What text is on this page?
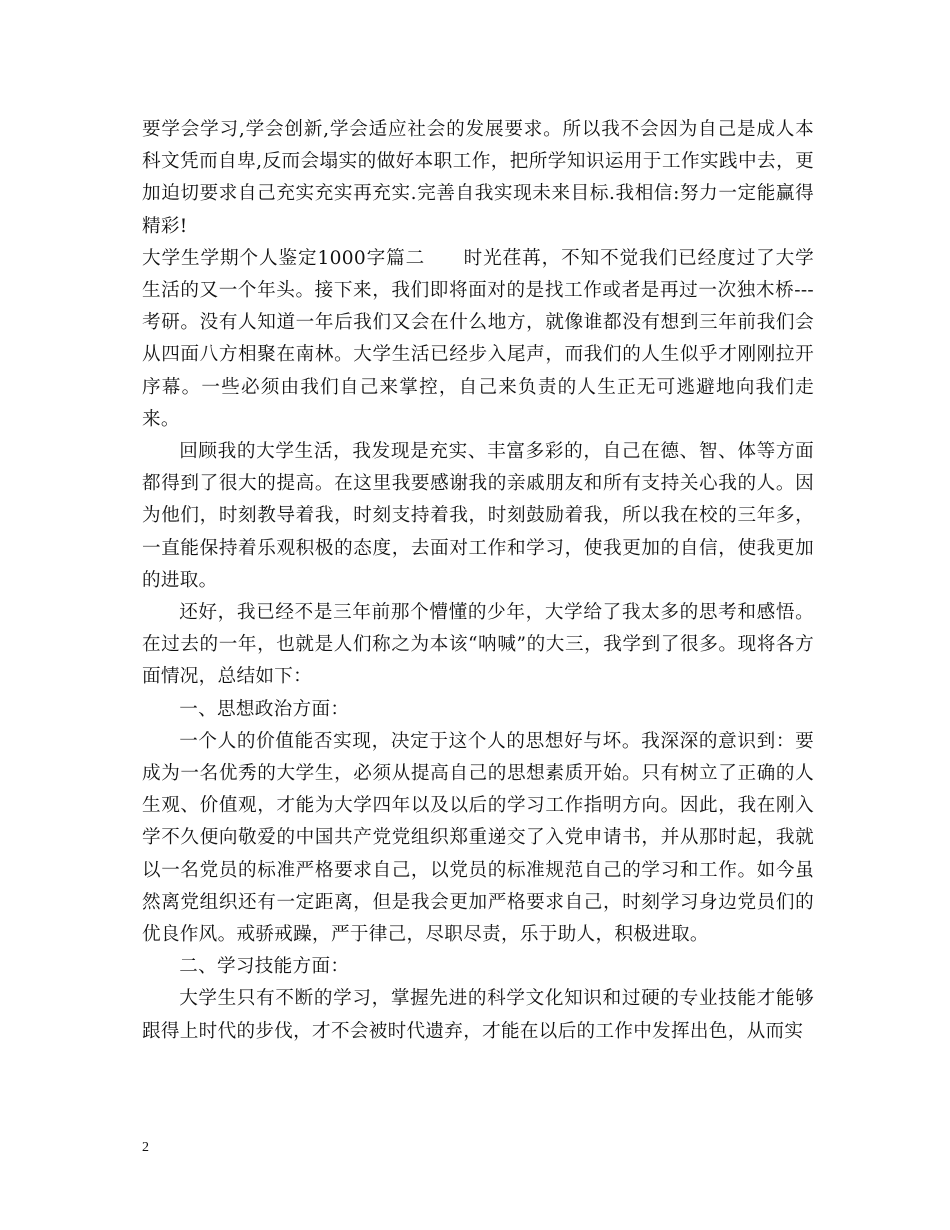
要学会学习,学会创新,学会适应社会的发展要求。所以我不会因为自己是成人本科文凭而自卑,反而会塌实的做好本职工作，把所学知识运用于工作实践中去，更加迫切要求自己充实充实再充实.完善自我实现未来目标.我相信:努力一定能赢得精彩!

大学生学期个人鉴定1000字篇二 时光荏苒，不知不觉我们已经度过了大学生活的又一个年头。接下来，我们即将面对的是找工作或者是再过一次独木桥---考研。没有人知道一年后我们又会在什么地方，就像谁都没有想到三年前我们会从四面八方相聚在南林。大学生活已经步入尾声，而我们的人生似乎才刚刚拉开序幕。一些必须由我们自己来掌控，自己来负责的人生正无可逃避地向我们走来。

回顾我的大学生活，我发现是充实、丰富多彩的，自己在德、智、体等方面都得到了很大的提高。在这里我要感谢我的亲戚朋友和所有支持关心我的人。因为他们，时刻教导着我，时刻支持着我，时刻鼓励着我，所以我在校的三年多，一直能保持着乐观积极的态度，去面对工作和学习，使我更加的自信，使我更加的进取。

还好，我已经不是三年前那个懵懂的少年，大学给了我太多的思考和感悟。在过去的一年，也就是人们称之为本该“呐喊”的大三，我学到了很多。现将各方面情况，总结如下：

一、思想政治方面：

一个人的价值能否实现，决定于这个人的思想好与坏。我深深的意识到：要成为一名优秀的大学生，必须从提高自己的思想素质开始。只有树立了正确的人生观、价值观，才能为大学四年以及以后的学习工作指明方向。因此，我在刚入学不久便向敬爱的中国共产党党组织郑重递交了入党申请书，并从那时起，我就以一名党员的标准严格要求自己，以党员的标准规范自己的学习和工作。如今虽然离党组织还有一定距离，但是我会更加严格要求自己，时刻学习身边党员们的优良作风。戒骄戒躁，严于律己，尽职尽责，乐于助人，积极进取。

二、学习技能方面：

大学生只有不断的学习，掌握先进的科学文化知识和过硬的专业技能才能够跟得上时代的步伐，才不会被时代遗弃，才能在以后的工作中发挥出色，从而实

2
